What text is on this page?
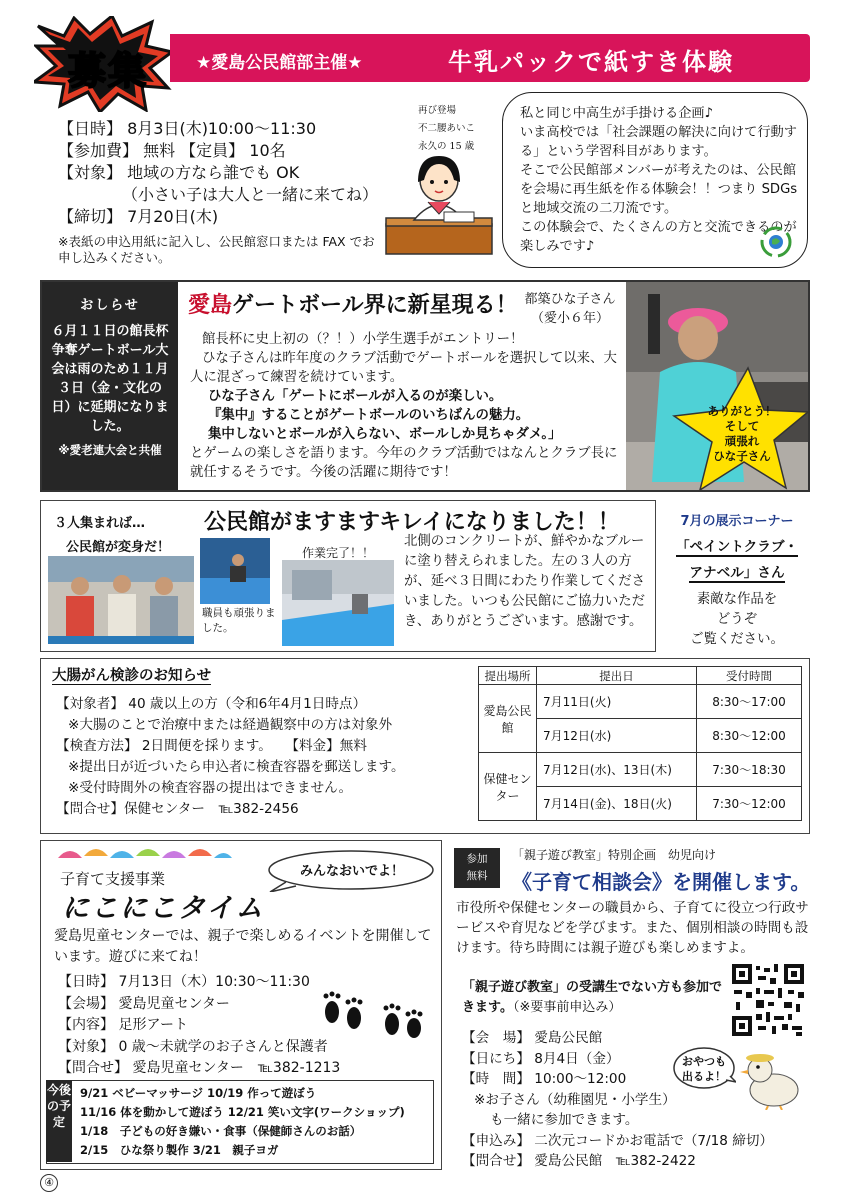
募集	★愛島公民館部主催★	牛乳パックで紙すき体験

【日時】 8月3日(木)10:00～11:30

【参加費】 無料 【定員】 10名

【対象】 地域の方なら誰でも OK

（小さい子は大人と一緒に来てね）

【締切】 7月20日(木)

※表紙の申込用紙に記入し、公民館窓口または FAX でお申し込みください。

再び登場

不二腰あいこ

永久の 15 歳

私と同じ中高生が手掛ける企画♪

いま高校では「社会課題の解決に向けて行動する」という学習科目があります。

そこで公民館部メンバーが考えたのは、公民館を会場に再生紙を作る体験会！！つまり SDGsと地域交流の二刀流です。

この体験会で、たくさんの方と交流できるのが楽しみです♪

おしらせ
６月１１日の館長杯争奪ゲートボール大会は雨のため１１月３日（金・文化の日）に延期になりました。
※愛老連大会と共催
愛島ゲートボール界に新星現る！ 都築ひな子さん

（愛小６年）

館長杯に史上初の（？！）小学生選手がエントリー！

ひな子さんは昨年度のクラブ活動でゲートボールを選択して以来、大人に混ざって練習を続けています。

ひな子さん「ゲートにボールが入るのが楽しい。

『集中』することがゲートボールのいちばんの魅力。

集中しないとボールが入らない、ボールしか見ちゃダメ。」

とゲームの楽しさを語ります。今年のクラブ活動ではなんとクラブ長に就任するそうです。今後の活躍に期待です！

ありがとう！

そして

頑張れ

ひな子さん

３人集まれば…	公民館がますますキレイになりました！！
公民館が変身だ！	作業完了！！
職員も頑張りました。
北側のコンクリートが、鮮やかなブルーに塗り替えられました。左の３人の方が、延べ３日間にわたり作業してくださいました。いつも公民館にご協力いただき、ありがとうございます。感謝です。
7月の展示コーナー

「ペイントクラブ・

アナベル」さん

素敵な作品を

どうぞ

ご覧ください。

大腸がん検診のお知らせ

【対象者】 40 歳以上の方（令和6年4月1日時点）

※大腸のことで治療中または経過観察中の方は対象外

【検査方法】 2日間便を採ります。　　【料金】無料

※提出日が近づいたら申込者に検査容器を郵送します。

※受付時間外の検査容器の提出はできません。

【問合せ】保健センター　℡382-2456

提出場所	提出日	受付時間
愛島公民館	7月11日(火)	8:30～17:00
	7月12日(水)	8:30～12:00
保健センター	7月12日(水)、13日(木)	7:30～18:30
	7月14日(金)、18日(火)	7:30～12:00
子育て支援事業
にこにこタイム
みんなおいでよ！
愛島児童センターでは、親子で楽しめるイベントを開催しています。遊びに来てね！

【日時】 7月13日（木）10:30～11:30

【会場】 愛島児童センター

【内容】 足形アート

【対象】 0 歳～未就学のお子さんと保護者

【問合せ】 愛島児童センター　℡382-1213

今後の予定

9/21 ベビーマッサージ 10/19 作って遊ぼう

11/16 体を動かして遊ぼう 12/21 笑い文字(ワークショップ)

1/18　子どもの好き嫌い・食事（保健師さんのお話）

2/15　ひな祭り製作 3/21　親子ヨガ

参加

無料

「親子遊び教室」特別企画　幼児向け
《子育て相談会》を開催します。
市役所や保健センターの職員から、子育てに役立つ行政サービスや育児などを学びます。また、個別相談の時間も設けます。待ち時間には親子遊びも楽しめますよ。
「親子遊び教室」の受講生でない方も参加できます。（※要事前申込み）

【会　場】 愛島公民館

【日にち】 8月4日（金）

【時　間】 10:00～12:00

※お子さん（幼稚園児・小学生）

も一緒に参加できます。

【申込み】 二次元コードかお電話で（7/18 締切）

【問合せ】 愛島公民館　℡382-2422

おやつも

出るよ！

④
